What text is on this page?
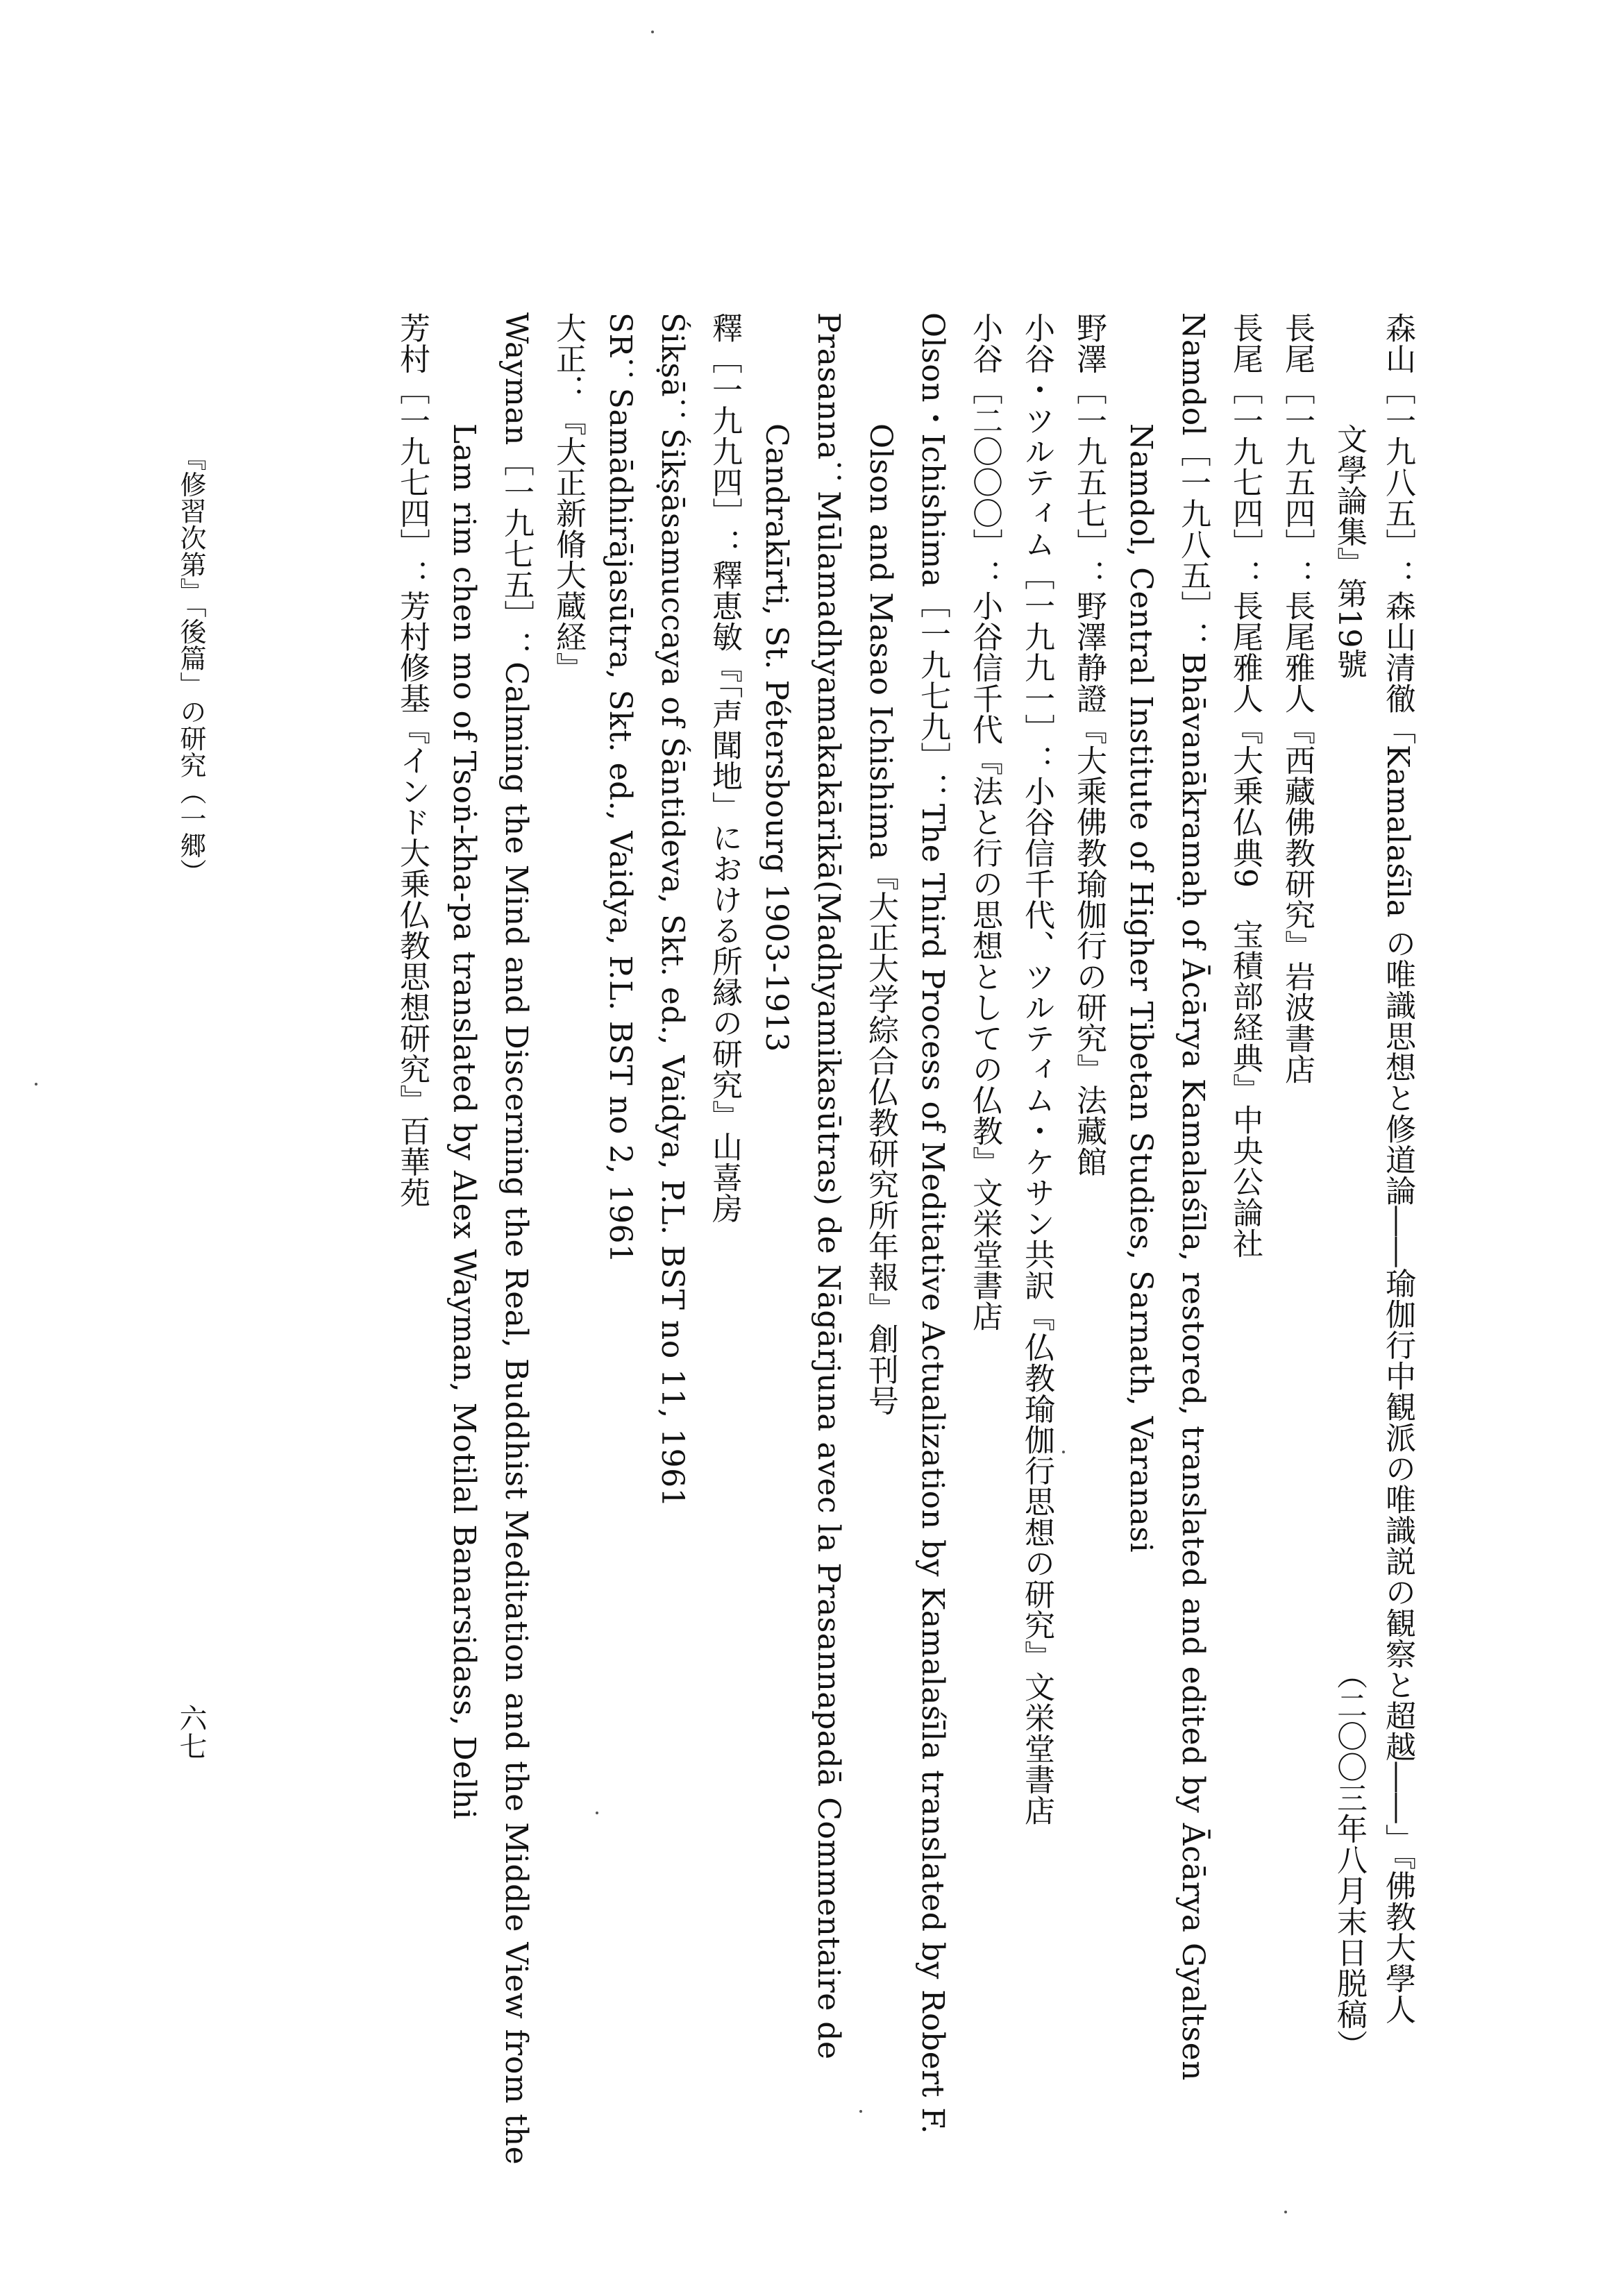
森山［一九八五］：森山清徹「Kamalaśīla の唯識思想と修道論――瑜伽行中観派の唯識説の観察と超越――」『佛教大學人
文學論集』第19號
長尾［一九五四］：長尾雅人『西藏佛教研究』岩波書店
長尾［一九七四］：長尾雅人『大乗仏典9　宝積部経典』中央公論社
Namdol［一九八五］：Bhāvanākramaḥ of Ācārya Kamalaśīla, restored, translated and edited by Ācārya Gyaltsen
Namdol, Central Institute of Higher Tibetan Studies, Sarnath, Varanasi
野澤［一九五七］：野澤静證『大乘佛教瑜伽行の研究』法藏館
小谷・ツルティム［一九九一］：小谷信千代、ツルティム・ケサン共訳『仏教瑜伽行思想の研究』文栄堂書店
小谷［二〇〇〇］：小谷信千代『法と行の思想としての仏教』文栄堂書店
Olson・Ichishima［一九七九］：The Third Process of Meditative Actualization by Kamalaśīla translated by Robert F.
Olson and Masao Ichishima『大正大学綜合仏教研究所年報』創刊号
Prasanna：Mūlamadhyamakakārikā(Madhyamikasūtras) de Nāgārjuna avec la Prasannapadā Commentaire de
Candrakīrti, St. Pétersbourg 1903-1913
釋［一九九四］：釋恵敏『「声聞地」における所縁の研究』山喜房
Śikṣā：Śikṣāsamuccaya of Śāntideva, Skt. ed., Vaidya, P.L. BST no 11, 1961
SR：Samādhirājasūtra, Skt. ed., Vaidya, P.L. BST no 2, 1961
大正：『大正新脩大蔵経』
Wayman［一九七五］：Calming the Mind and Discerning the Real, Buddhist Meditation and the Middle View from the
Lam rim chen mo of Tsoṅ-kha-pa translated by Alex Wayman, Motilal Banarsidass, Delhi
芳村［一九七四］：芳村修基『インド大乗仏教思想研究』百華苑
（二〇〇三年八月末日脱稿）
『修習次第』「後篇」の研究（一郷）
六七
